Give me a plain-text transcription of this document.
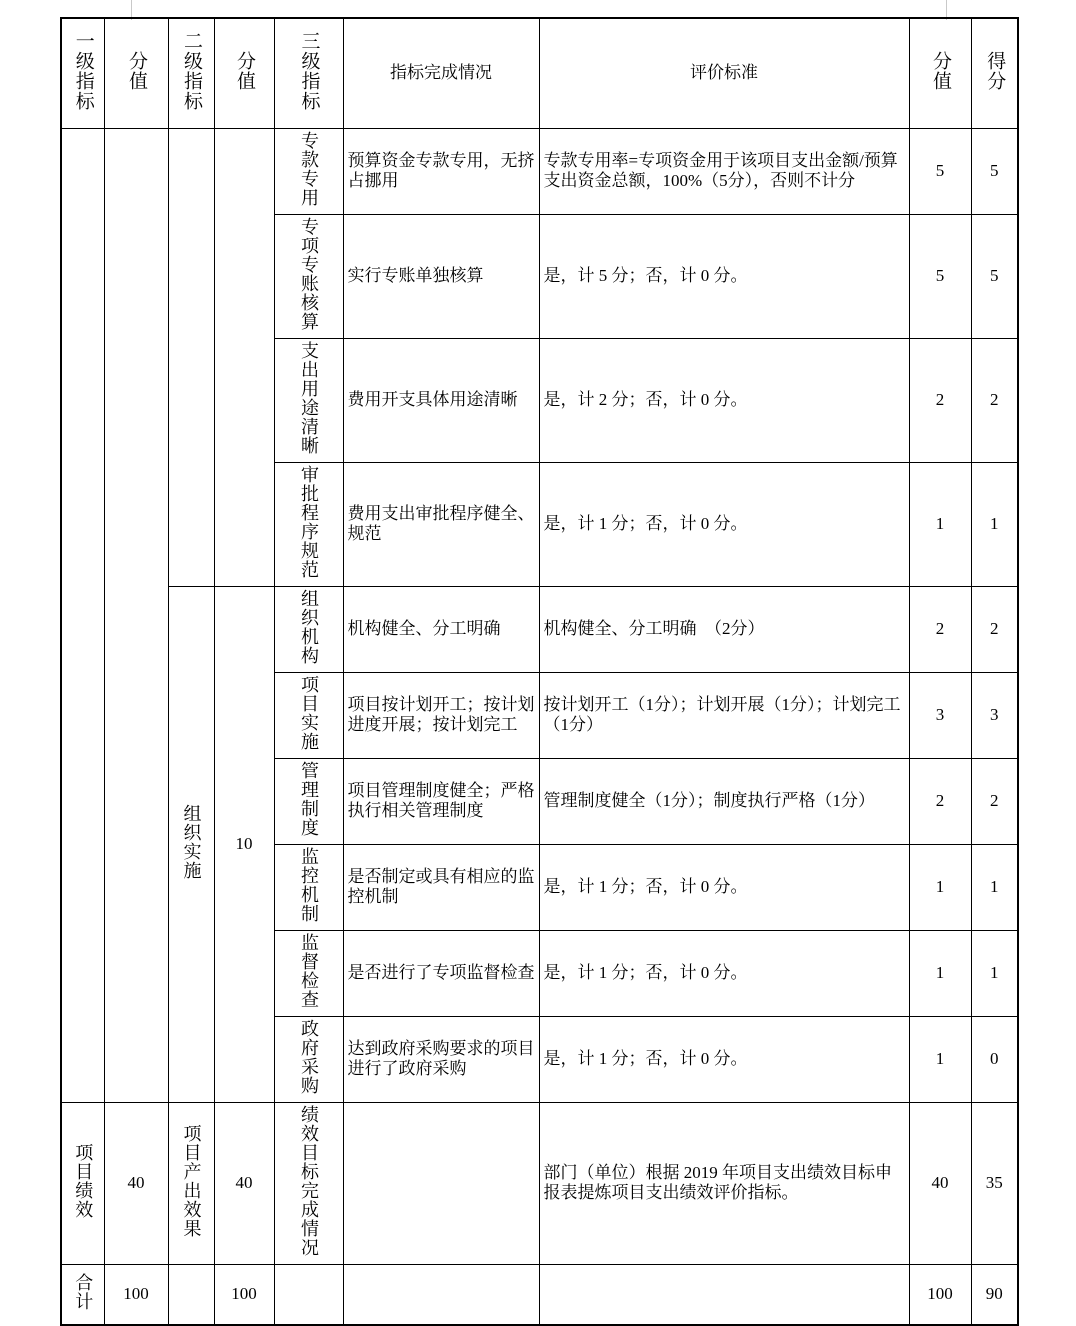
一级指标	分值	二级指标	分值	三级指标	指标完成情况	评价标准	分值	得分
				专款专用	预算资金专款专用，无挤占挪用	专款专用率=专项资金用于该项目支出金额/预算支出资金总额，100%（5分），否则不计分	5	5
				专项专账核算	实行专账单独核算	是，计 5 分；否，计 0 分。	5	5
				支出用途清晰	费用开支具体用途清晰	是，计 2 分；否，计 0 分。	2	2
				审批程序规范	费用支出审批程序健全、规范	是，计 1 分；否，计 0 分。	1	1
		组织实施	10	组织机构	机构健全、分工明确	机构健全、分工明确　（2分）	2	2
				项目实施	项目按计划开工；按计划进度开展；按计划完工	按计划开工（1分）；计划开展（1分）；计划完工（1分）	3	3
				管理制度	项目管理制度健全；严格执行相关管理制度	管理制度健全（1分）；制度执行严格（1分）	2	2
				监控机制	是否制定或具有相应的监控机制	是，计 1 分；否，计 0 分。	1	1
				监督检查	是否进行了专项监督检查	是，计 1 分；否，计 0 分。	1	1
				政府采购	达到政府采购要求的项目进行了政府采购	是，计 1 分；否，计 0 分。	1	0
项目绩效	40	项目产出效果	40	绩效目标完成情况		部门（单位）根据 2019 年项目支出绩效目标申报表提炼项目支出绩效评价指标。	40	35
合计	100		100				100	90
